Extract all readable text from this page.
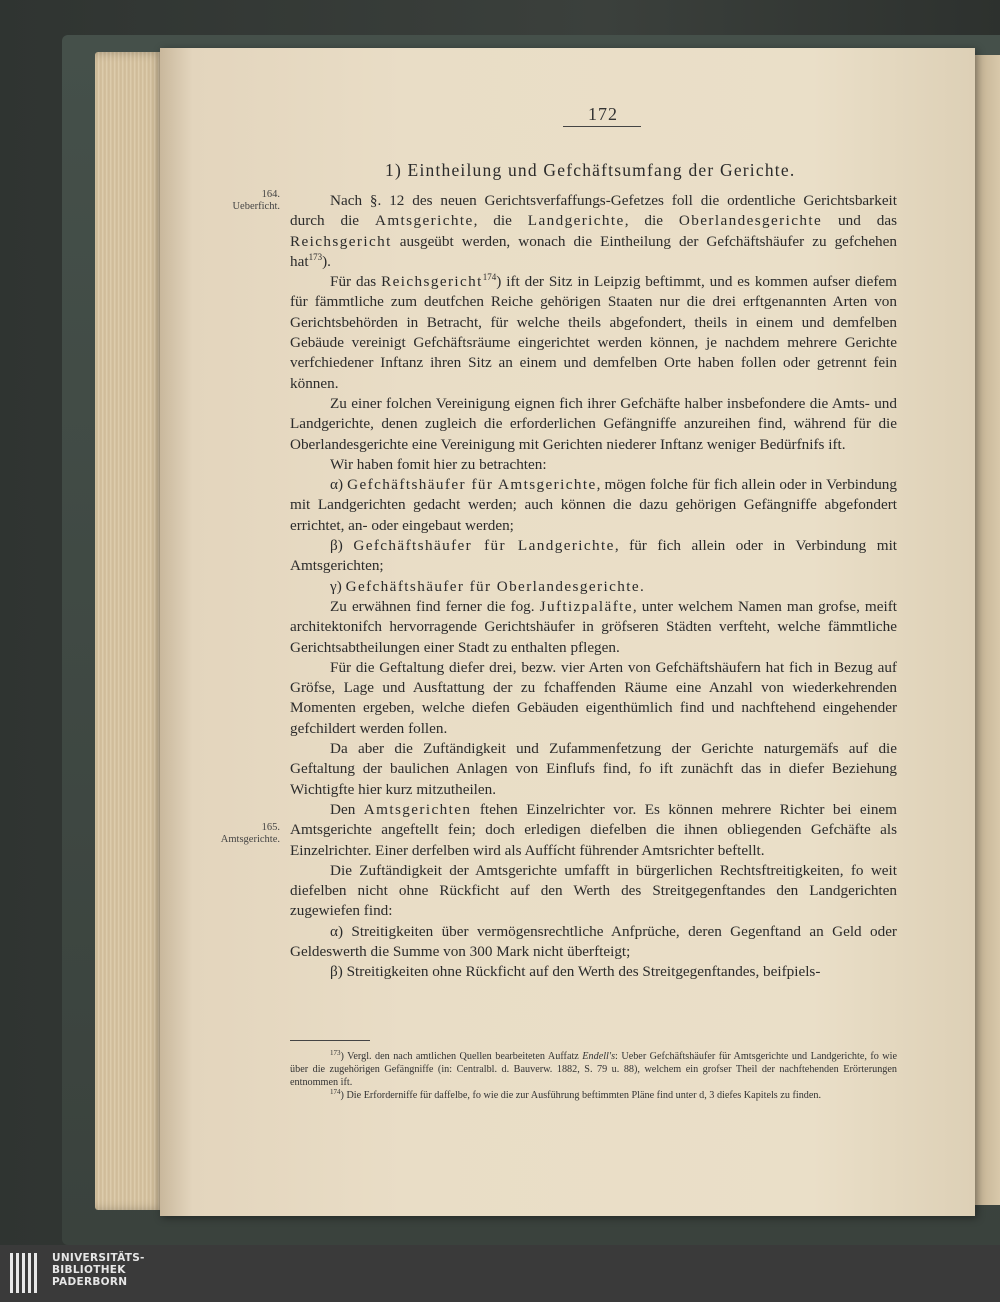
172
1) Eintheilung und Gefchäftsumfang der Gerichte.
164.
Ueberficht.
165.
Amtsgerichte.

Nach §. 12 des neuen Gerichtsverfaffungs-Gefetzes foll die ordentliche Gerichtsbarkeit durch die Amtsgerichte, die Landgerichte, die Oberlandesgerichte und das Reichsgericht ausgeübt werden, wonach die Eintheilung der Gefchäftshäufer zu gefchehen hat$^{173}$).

Für das Reichsgericht$^{174}$) ift der Sitz in Leipzig beftimmt, und es kommen aufser diefem für fämmtliche zum deutfchen Reiche gehörigen Staaten nur die drei erftgenannten Arten von Gerichtsbehörden in Betracht, für welche theils abgefondert, theils in einem und demfelben Gebäude vereinigt Gefchäftsräume eingerichtet werden können, je nachdem mehrere Gerichte verfchiedener Inftanz ihren Sitz an einem und demfelben Orte haben follen oder getrennt fein können.

Zu einer folchen Vereinigung eignen fich ihrer Gefchäfte halber insbefondere die Amts- und Landgerichte, denen zugleich die erforderlichen Gefängniffe anzureihen find, während für die Oberlandesgerichte eine Vereinigung mit Gerichten niederer Inftanz weniger Bedürfnifs ift.

Wir haben fomit hier zu betrachten:

α) Gefchäftshäufer für Amtsgerichte, mögen folche für fich allein oder in Verbindung mit Landgerichten gedacht werden; auch können die dazu gehörigen Gefängniffe abgefondert errichtet, an- oder eingebaut werden;

β) Gefchäftshäufer für Landgerichte, für fich allein oder in Verbindung mit Amtsgerichten;

γ) Gefchäftshäufer für Oberlandesgerichte.

Zu erwähnen find ferner die fog. Juftizpaläfte, unter welchem Namen man grofse, meift architektonifch hervorragende Gerichtshäufer in gröfseren Städten verfteht, welche fämmtliche Gerichtsabtheilungen einer Stadt zu enthalten pflegen.

Für die Geftaltung diefer drei, bezw. vier Arten von Gefchäftshäufern hat fich in Bezug auf Gröfse, Lage und Ausftattung der zu fchaffenden Räume eine Anzahl von wiederkehrenden Momenten ergeben, welche diefen Gebäuden eigenthümlich find und nachftehend eingehender gefchildert werden follen.

Da aber die Zuftändigkeit und Zufammenfetzung der Gerichte naturgemäfs auf die Geftaltung der baulichen Anlagen von Einflufs find, fo ift zunächft das in diefer Beziehung Wichtigfte hier kurz mitzutheilen.

Den Amtsgerichten ftehen Einzelrichter vor. Es können mehrere Richter bei einem Amtsgerichte angeftellt fein; doch erledigen diefelben die ihnen obliegenden Gefchäfte als Einzelrichter. Einer derfelben wird als Auffícht führender Amtsrichter beftellt.

Die Zuftändigkeit der Amtsgerichte umfafft in bürgerlichen Rechtsftreitigkeiten, fo weit diefelben nicht ohne Rückficht auf den Werth des Streitgegenftandes den Landgerichten zugewiefen find:

α) Streitigkeiten über vermögensrechtliche Anfprüche, deren Gegenftand an Geld oder Geldeswerth die Summe von 300 Mark nicht überfteigt;

β) Streitigkeiten ohne Rückficht auf den Werth des Streitgegenftandes, beifpiels-

$^{173}$) Vergl. den nach amtlichen Quellen bearbeiteten Auffatz Endell's: Ueber Gefchäftshäufer für Amtsgerichte und Landgerichte, fo wie über die zugehörigen Gefängniffe (in: Centralbl. d. Bauverw. 1882, S. 79 u. 88), welchem ein grofser Theil der nachftehenden Erörterungen entnommen ift.

$^{174}$) Die Erforderniffe für daffelbe, fo wie die zur Ausführung beftimmten Pläne find unter d, 3 diefes Kapitels zu finden.

UNIVERSITÄTS-
BIBLIOTHEK
PADERBORN
